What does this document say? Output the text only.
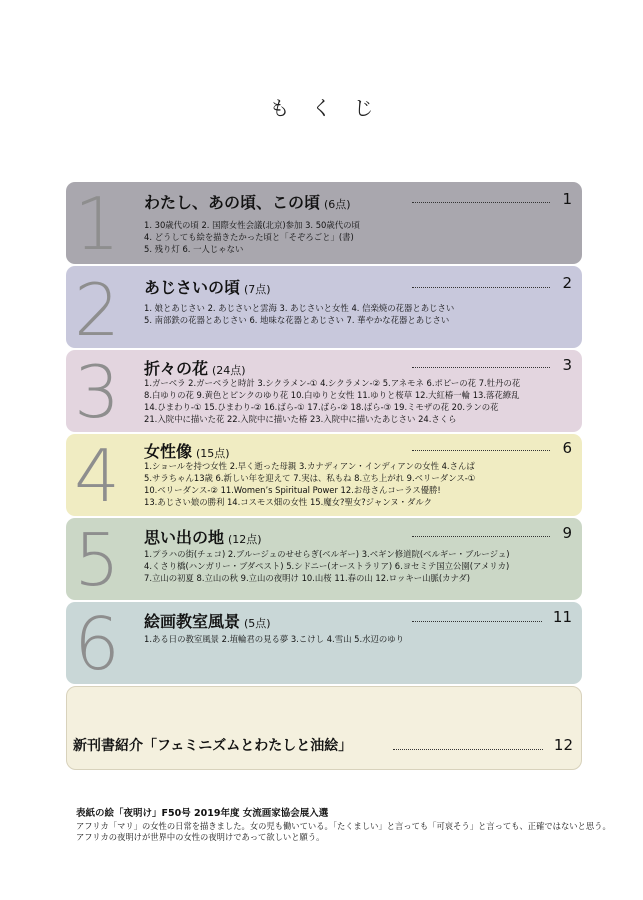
もくじ
1	わたし、あの頃、この頃 (6点)	1
1. 30歳代の頃 2. 国際女性会議(北京)参加 3. 50歳代の頃
4. どうしても絵を描きたかった頃と「そぞろごと」(書)
5. 残り灯 6. 一人じゃない
2	あじさいの頃 (7点)	2
1. 娘とあじさい 2. あじさいと雲海 3. あじさいと女性 4. 信楽焼の花器とあじさい
5. 南部鉄の花器とあじさい 6. 地味な花器とあじさい 7. 華やかな花器とあじさい
3	折々の花 (24点)	3
1.ガーベラ 2.ガーベラと時計 3.シクラメン-① 4.シクラメン-② 5.アネモネ 6.ポピーの花 7.牡丹の花
8.白ゆりの花 9.黄色とピンクのゆり花 10.白ゆりと女性 11.ゆりと桜草 12.大紅椿一輪 13.落花繚乱
14.ひまわり-① 15.ひまわり-② 16.ばら-① 17.ばら-② 18.ばら-③ 19.ミモザの花 20.ランの花
21.入院中に描いた花 22.入院中に描いた椿 23.入院中に描いたあじさい 24.さくら
4	女性像 (15点)	6
1.ショールを持つ女性 2.早く逝った母親 3.カナディアン・インディアンの女性 4.さんぱ
5.サラちゃん13歳 6.新しい年を迎えて 7.実は、私もね 8.立ち上がれ 9.ベリーダンス-①
10.ベリーダンス-② 11.Women’s Spiritual Power 12.お母さんコーラス優勝!
13.あじさい娘の勝利 14.コスモス畑の女性 15.魔女?聖女?ジャンヌ・ダルク
5	思い出の地 (12点)	9
1.プラハの街(チェコ) 2.ブルージュのせせらぎ(ベルギー) 3.ベギン修道院(ベルギー・ブルージュ)
4.くさり橋(ハンガリー・ブダペスト) 5.シドニー(オーストラリア) 6.ヨセミテ国立公園(アメリカ)
7.立山の初夏 8.立山の秋 9.立山の夜明け 10.山桜 11.春の山 12.ロッキー山脈(カナダ)
6	絵画教室風景 (5点)	11
1.ある日の教室風景 2.埴輪君の見る夢 3.こけし 4.雪山 5.水辺のゆり
新刊書紹介「フェミニズムとわたしと油絵」	12
表紙の絵「夜明け」F50号 2019年度 女流画家協会展入選
アフリカ「マリ」の女性の日常を描きました。女の児も働いている。「たくましい」と言っても「可哀そう」と言っても、正確ではないと思う。
アフリカの夜明けが世界中の女性の夜明けであって欲しいと願う。
